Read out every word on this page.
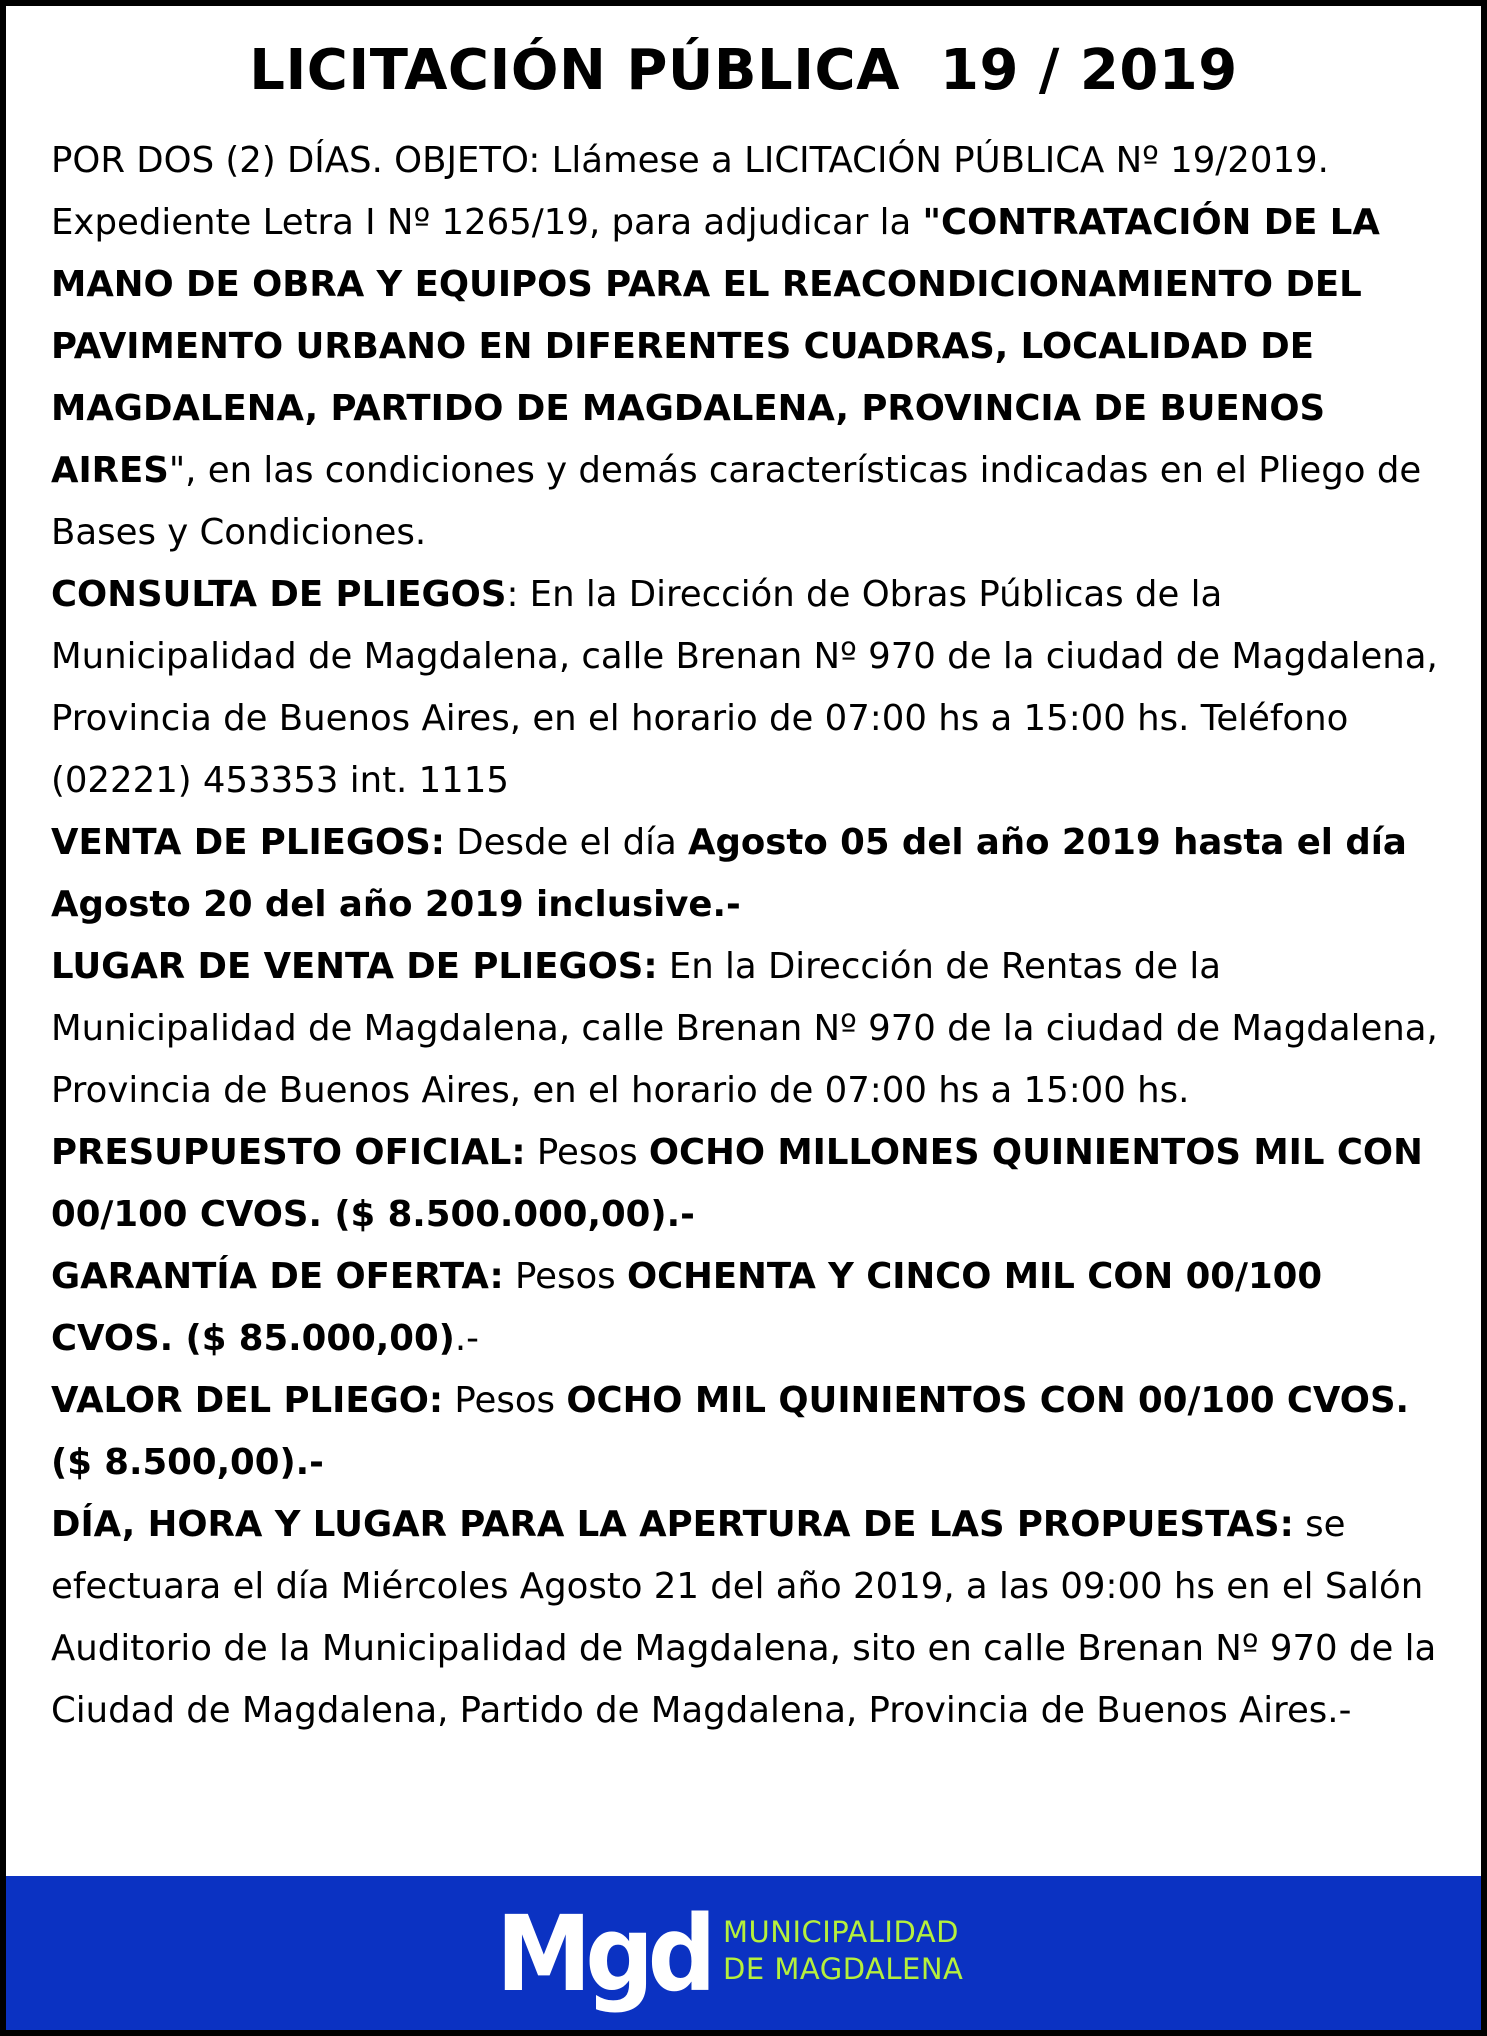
LICITACIÓN PÚBLICA  19 / 2019

POR DOS (2) DÍAS. OBJETO: Llámese a LICITACIÓN PÚBLICA Nº 19/2019. Expediente Letra I Nº 1265/19, para adjudicar la "CONTRATACIÓN DE LA MANO DE OBRA Y EQUIPOS PARA EL REACONDICIONAMIENTO DEL PAVIMENTO URBANO EN DIFERENTES CUADRAS, LOCALIDAD DE MAGDALENA, PARTIDO DE MAGDALENA, PROVINCIA DE BUENOS AIRES", en las condiciones y demás características indicadas en el Pliego de Bases y Condiciones.

CONSULTA DE PLIEGOS: En la Dirección de Obras Públicas de la Municipalidad de Magdalena, calle Brenan Nº 970 de la ciudad de Magdalena, Provincia de Buenos Aires, en el horario de 07:00 hs a 15:00 hs. Teléfono (02221) 453353 int. 1115

VENTA DE PLIEGOS: Desde el día Agosto 05 del año 2019 hasta el día Agosto 20 del año 2019 inclusive.-

LUGAR DE VENTA DE PLIEGOS: En la Dirección de Rentas de la Municipalidad de Magdalena, calle Brenan Nº 970 de la ciudad de Magdalena, Provincia de Buenos Aires, en el horario de 07:00 hs a 15:00 hs.

PRESUPUESTO OFICIAL: Pesos OCHO MILLONES QUINIENTOS MIL CON 00/100 CVOS. ($ 8.500.000,00).-

GARANTÍA DE OFERTA: Pesos OCHENTA Y CINCO MIL CON 00/100 CVOS. ($ 85.000,00).-

VALOR DEL PLIEGO: Pesos OCHO MIL QUINIENTOS CON 00/100 CVOS. ($ 8.500,00).-

DÍA, HORA Y LUGAR PARA LA APERTURA DE LAS PROPUESTAS: se efectuara el día Miércoles Agosto 21 del año 2019, a las 09:00 hs en el Salón Auditorio de la Municipalidad de Magdalena, sito en calle Brenan Nº 970 de la Ciudad de Magdalena, Partido de Magdalena, Provincia de Buenos Aires.-

Mgd MUNICIPALIDAD
DE MAGDALENA
